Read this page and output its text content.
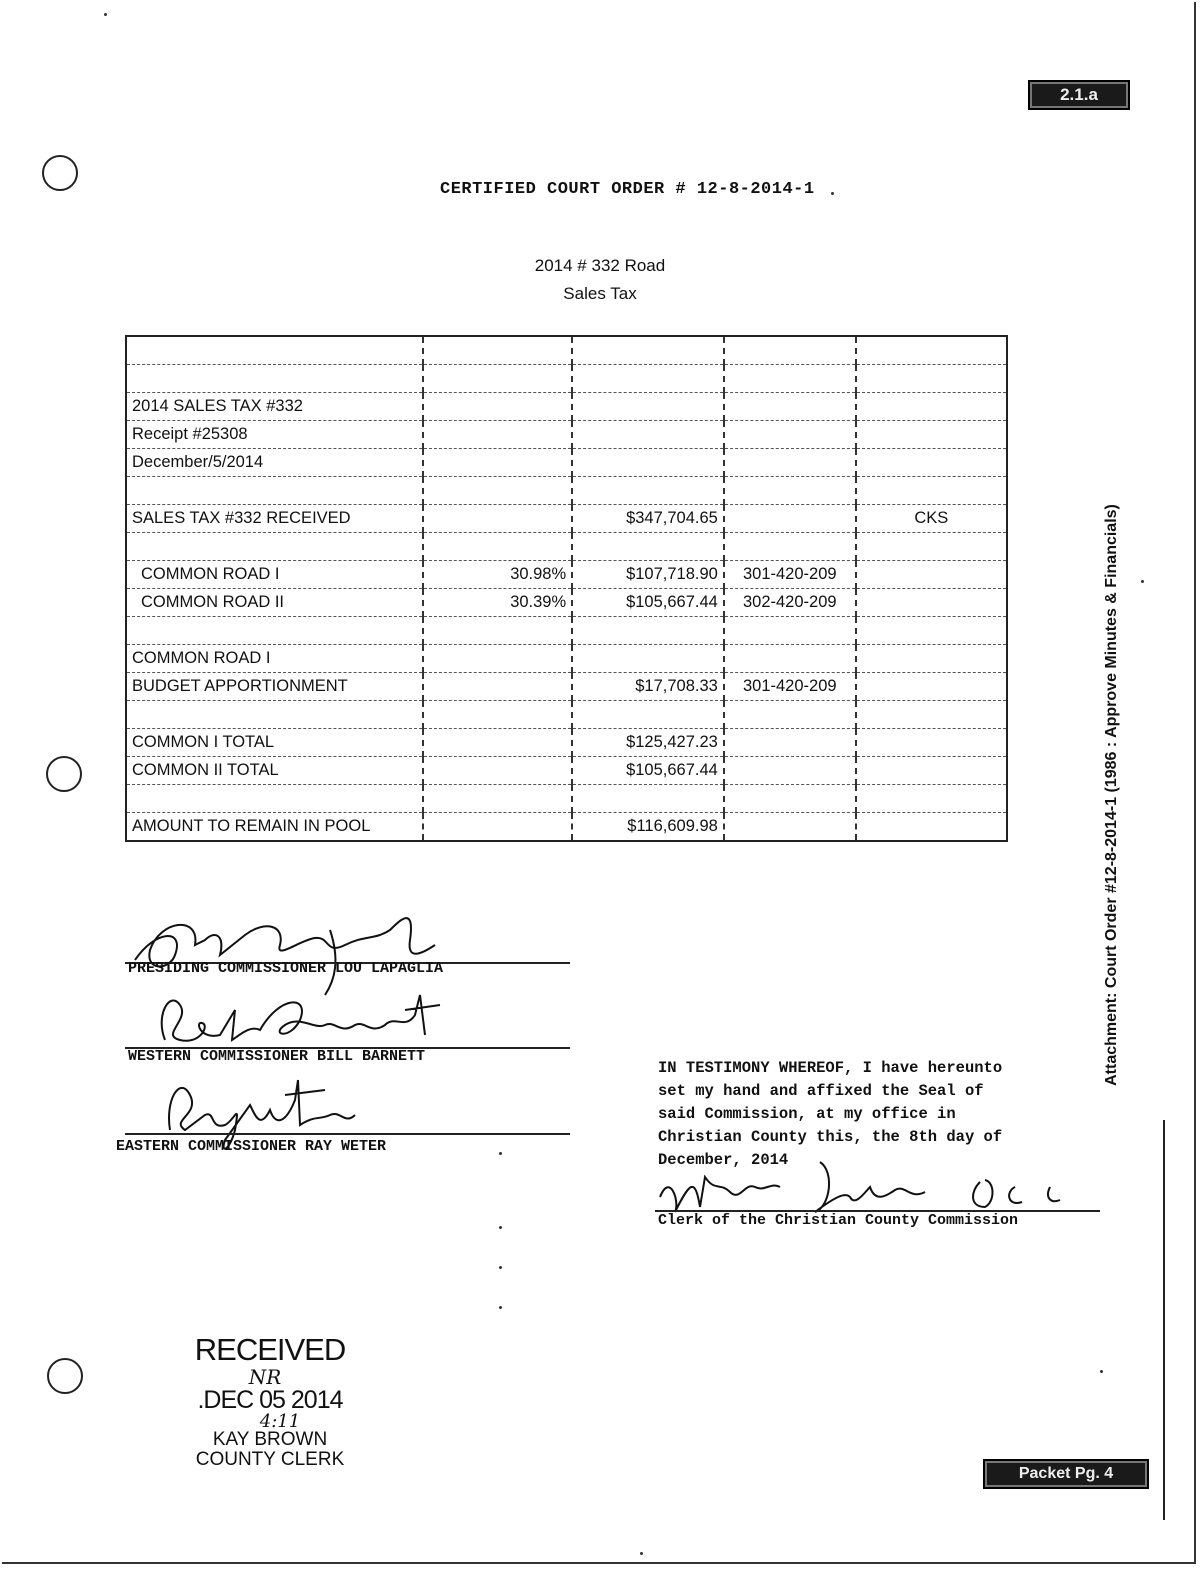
2.1.a
Packet Pg. 4
CERTIFIED COURT ORDER # 12-8-2014-1
2014 # 332 Road
Sales Tax

2014 SALES TAX #332				
Receipt #25308				
December/5/2014				

SALES TAX #332 RECEIVED		$347,704.65		CKS

COMMON ROAD I	30.98%	$107,718.90	301-420-209	
COMMON ROAD II	30.39%	$105,667.44	302-420-209	

COMMON ROAD I				
BUDGET APPORTIONMENT		$17,708.33	301-420-209	

COMMON I TOTAL		$125,427.23		
COMMON II TOTAL		$105,667.44		

AMOUNT TO REMAIN IN POOL		$116,609.98		
PRESIDING COMMISSIONER LOU LAPAGLIA
WESTERN COMMISSIONER BILL BARNETT
EASTERN COMMISSIONER RAY WETER
IN TESTIMONY WHEREOF, I have hereunto
set my hand and affixed the Seal of
said Commission, at my office in
Christian County this, the 8th day of
December, 2014
Clerk of the Christian County Commission
Attachment: Court Order #12-8-2014-1 (1986 : Approve Minutes & Financials)
RECEIVED
NR
.DEC 05 2014
4:11
KAY BROWN
COUNTY CLERK
